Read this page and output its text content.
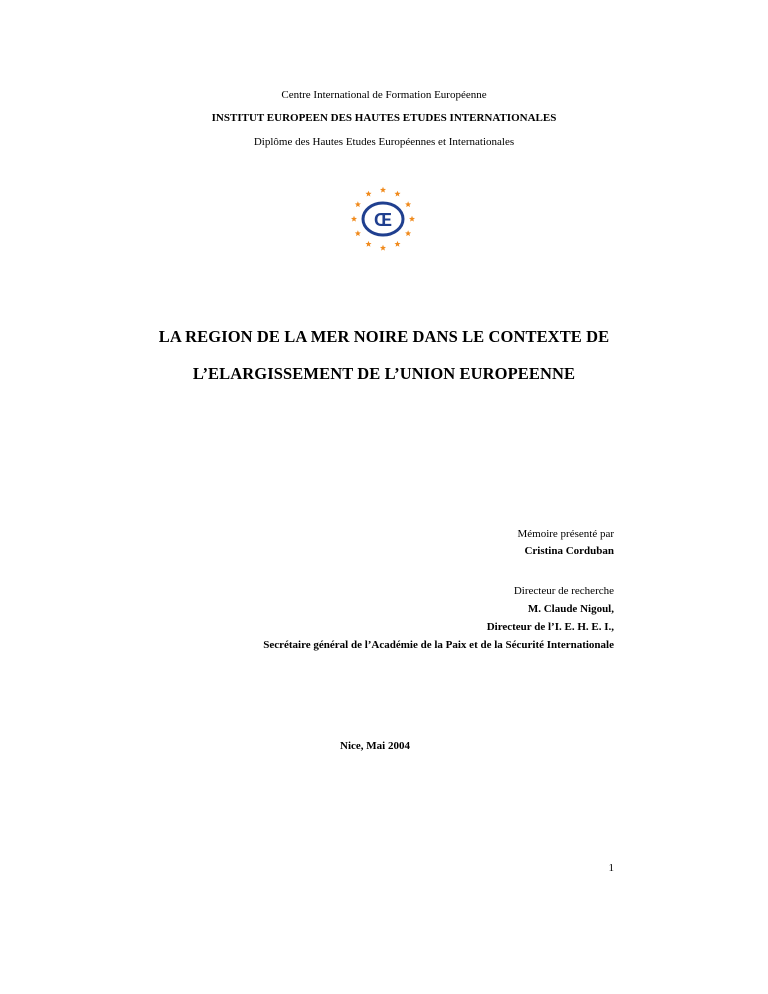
Centre International de Formation Européenne
INSTITUT EUROPEEN DES HAUTES ETUDES INTERNATIONALES
Diplôme des Hautes Etudes Européennes et Internationales
Œ
LA REGION DE LA MER NOIRE DANS LE CONTEXTE DE
L’ELARGISSEMENT DE L’UNION EUROPEENNE
Mémoire présenté par
Cristina Corduban
Directeur de recherche
M. Claude Nigoul,
Directeur de l’I. E. H. E. I.,
Secrétaire général de l’Académie de la Paix et de la Sécurité Internationale
Nice, Mai 2004
1
